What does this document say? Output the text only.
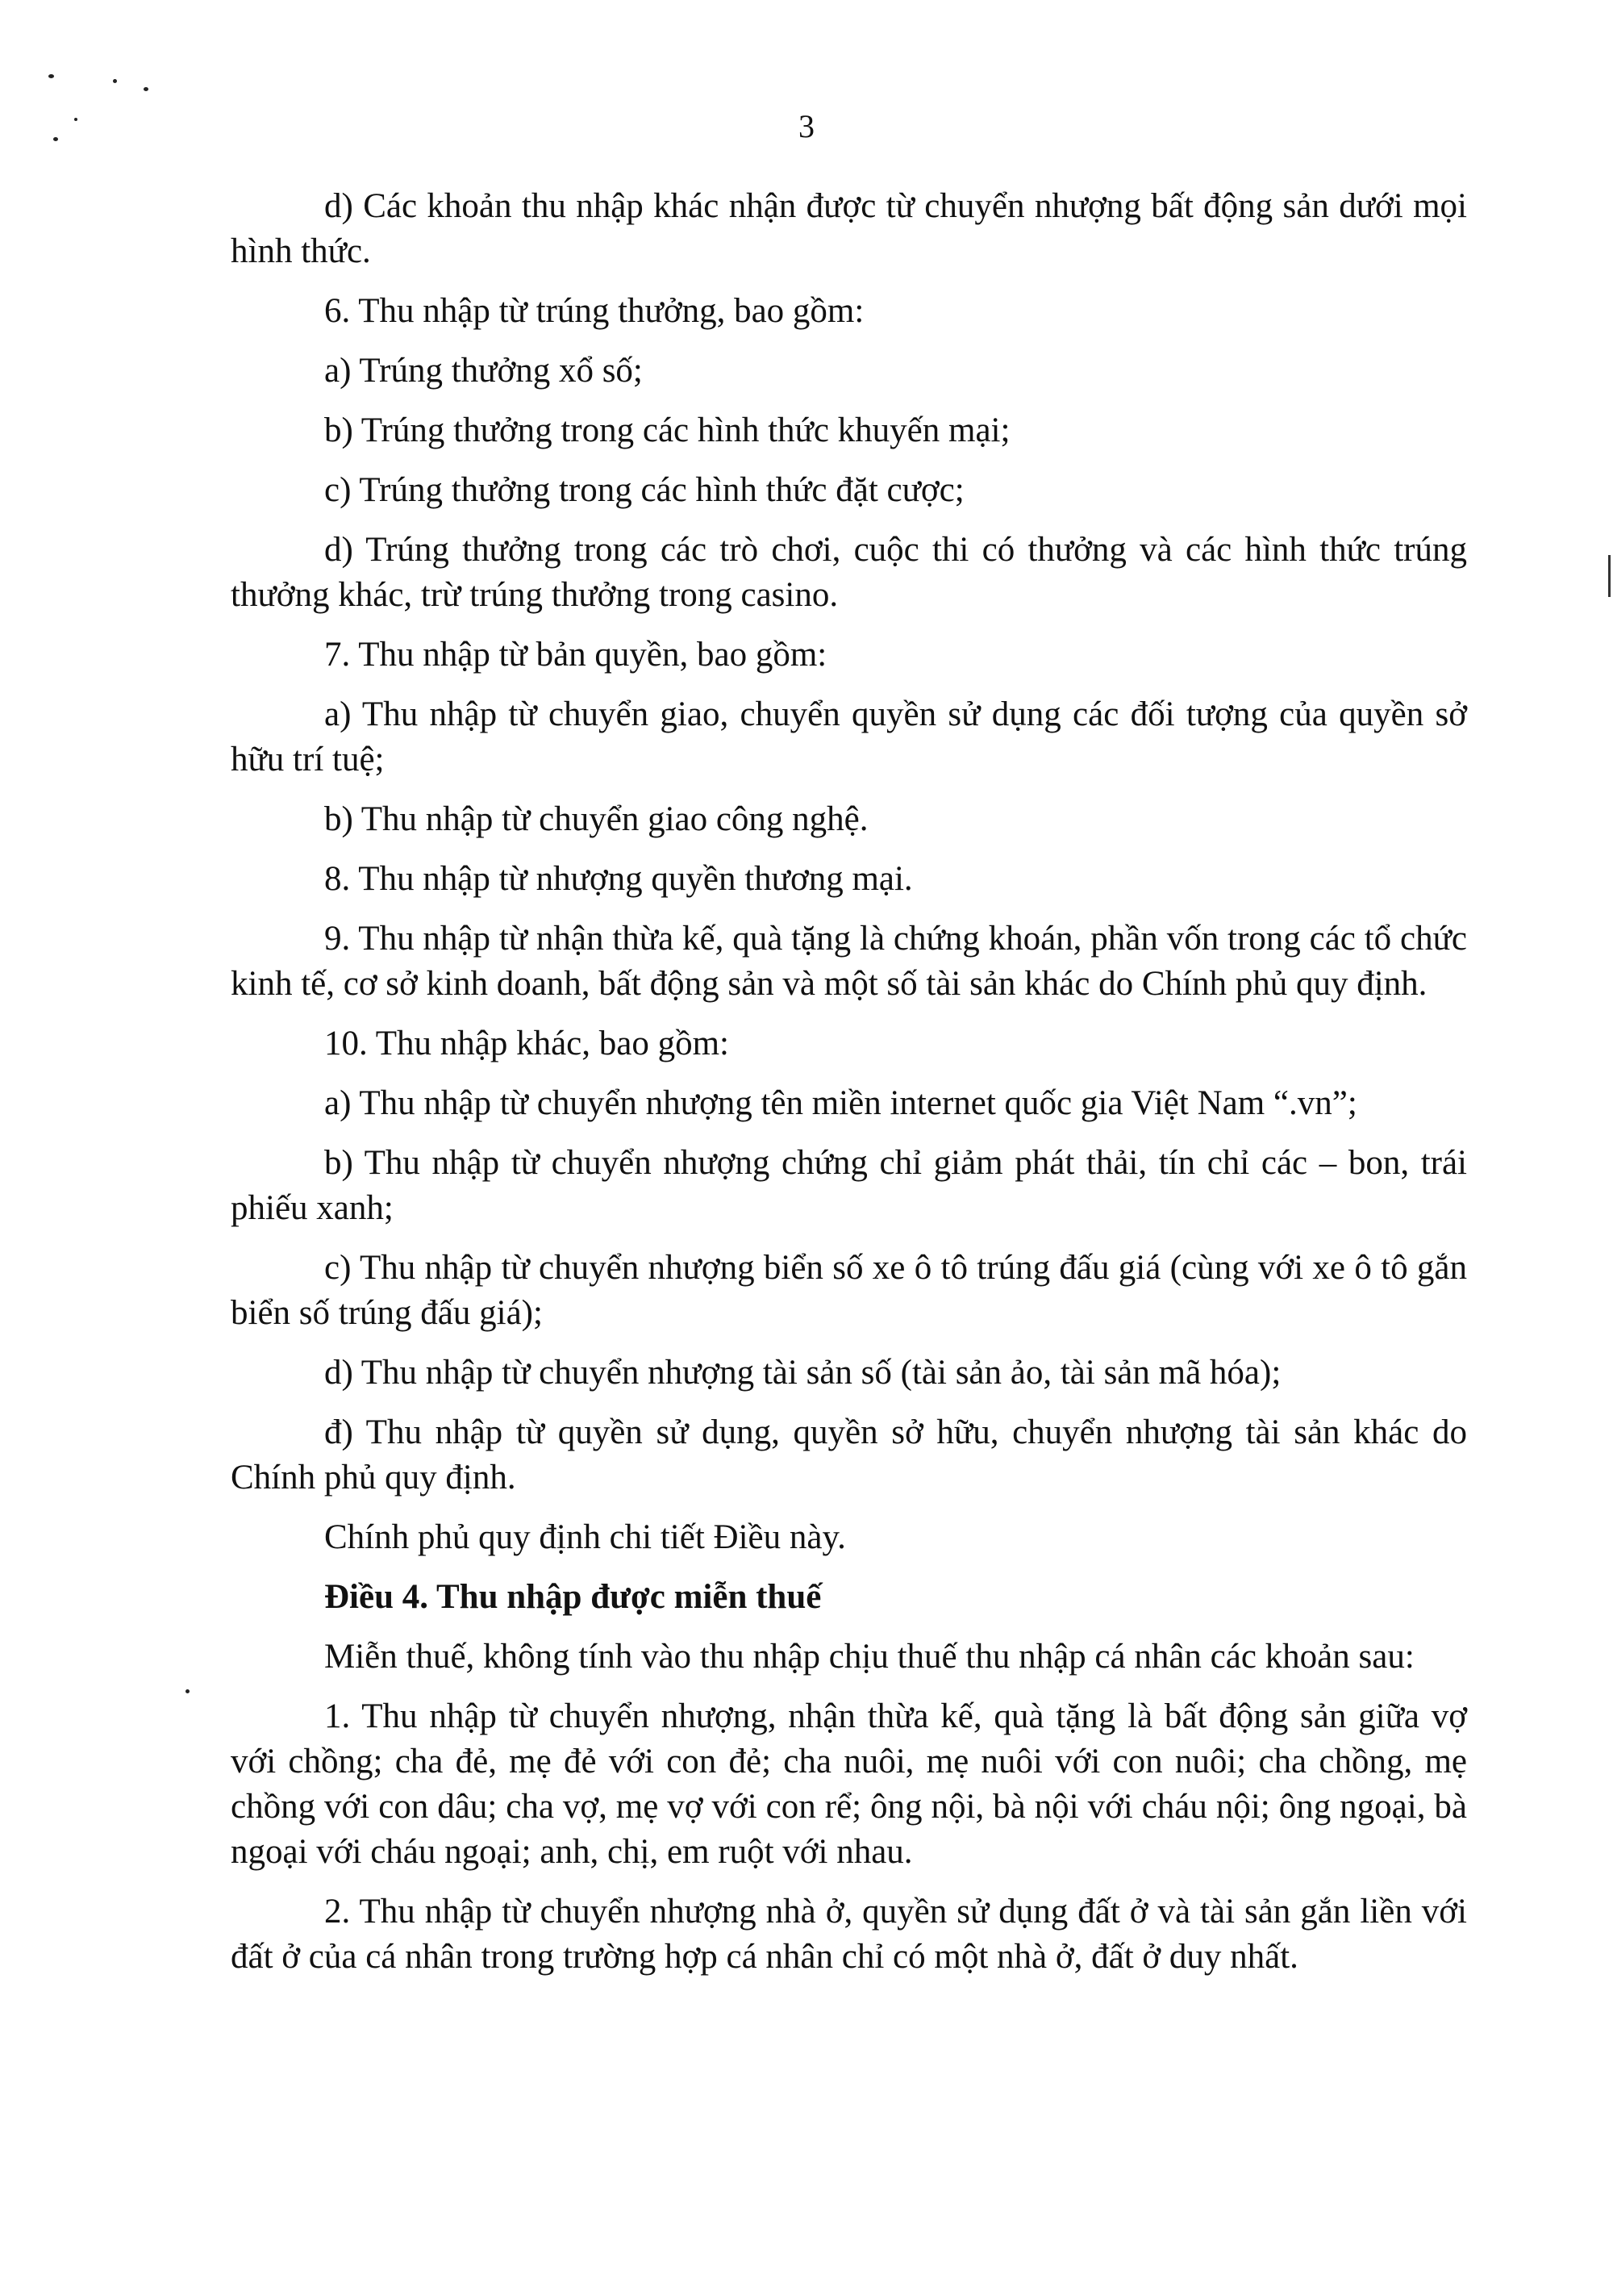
3

d) Các khoản thu nhập khác nhận được từ chuyển nhượng bất động sản dưới mọi hình thức.

6. Thu nhập từ trúng thưởng, bao gồm:

a) Trúng thưởng xổ số;

b) Trúng thưởng trong các hình thức khuyến mại;

c) Trúng thưởng trong các hình thức đặt cược;

d) Trúng thưởng trong các trò chơi, cuộc thi có thưởng và các hình thức trúng thưởng khác, trừ trúng thưởng trong casino.

7. Thu nhập từ bản quyền, bao gồm:

a) Thu nhập từ chuyển giao, chuyển quyền sử dụng các đối tượng của quyền sở hữu trí tuệ;

b) Thu nhập từ chuyển giao công nghệ.

8. Thu nhập từ nhượng quyền thương mại.

9. Thu nhập từ nhận thừa kế, quà tặng là chứng khoán, phần vốn trong các tổ chức kinh tế, cơ sở kinh doanh, bất động sản và một số tài sản khác do Chính phủ quy định.

10. Thu nhập khác, bao gồm:

a) Thu nhập từ chuyển nhượng tên miền internet quốc gia Việt Nam “.vn”;

b) Thu nhập từ chuyển nhượng chứng chỉ giảm phát thải, tín chỉ các – bon, trái phiếu xanh;

c) Thu nhập từ chuyển nhượng biển số xe ô tô trúng đấu giá (cùng với xe ô tô gắn biển số trúng đấu giá);

d) Thu nhập từ chuyển nhượng tài sản số (tài sản ảo, tài sản mã hóa);

đ) Thu nhập từ quyền sử dụng, quyền sở hữu, chuyển nhượng tài sản khác do Chính phủ quy định.

Chính phủ quy định chi tiết Điều này.

Điều 4. Thu nhập được miễn thuế

Miễn thuế, không tính vào thu nhập chịu thuế thu nhập cá nhân các khoản sau:

1. Thu nhập từ chuyển nhượng, nhận thừa kế, quà tặng là bất động sản giữa vợ với chồng; cha đẻ, mẹ đẻ với con đẻ; cha nuôi, mẹ nuôi với con nuôi; cha chồng, mẹ chồng với con dâu; cha vợ, mẹ vợ với con rể; ông nội, bà nội với cháu nội; ông ngoại, bà ngoại với cháu ngoại; anh, chị, em ruột với nhau.

2. Thu nhập từ chuyển nhượng nhà ở, quyền sử dụng đất ở và tài sản gắn liền với đất ở của cá nhân trong trường hợp cá nhân chỉ có một nhà ở, đất ở duy nhất.
